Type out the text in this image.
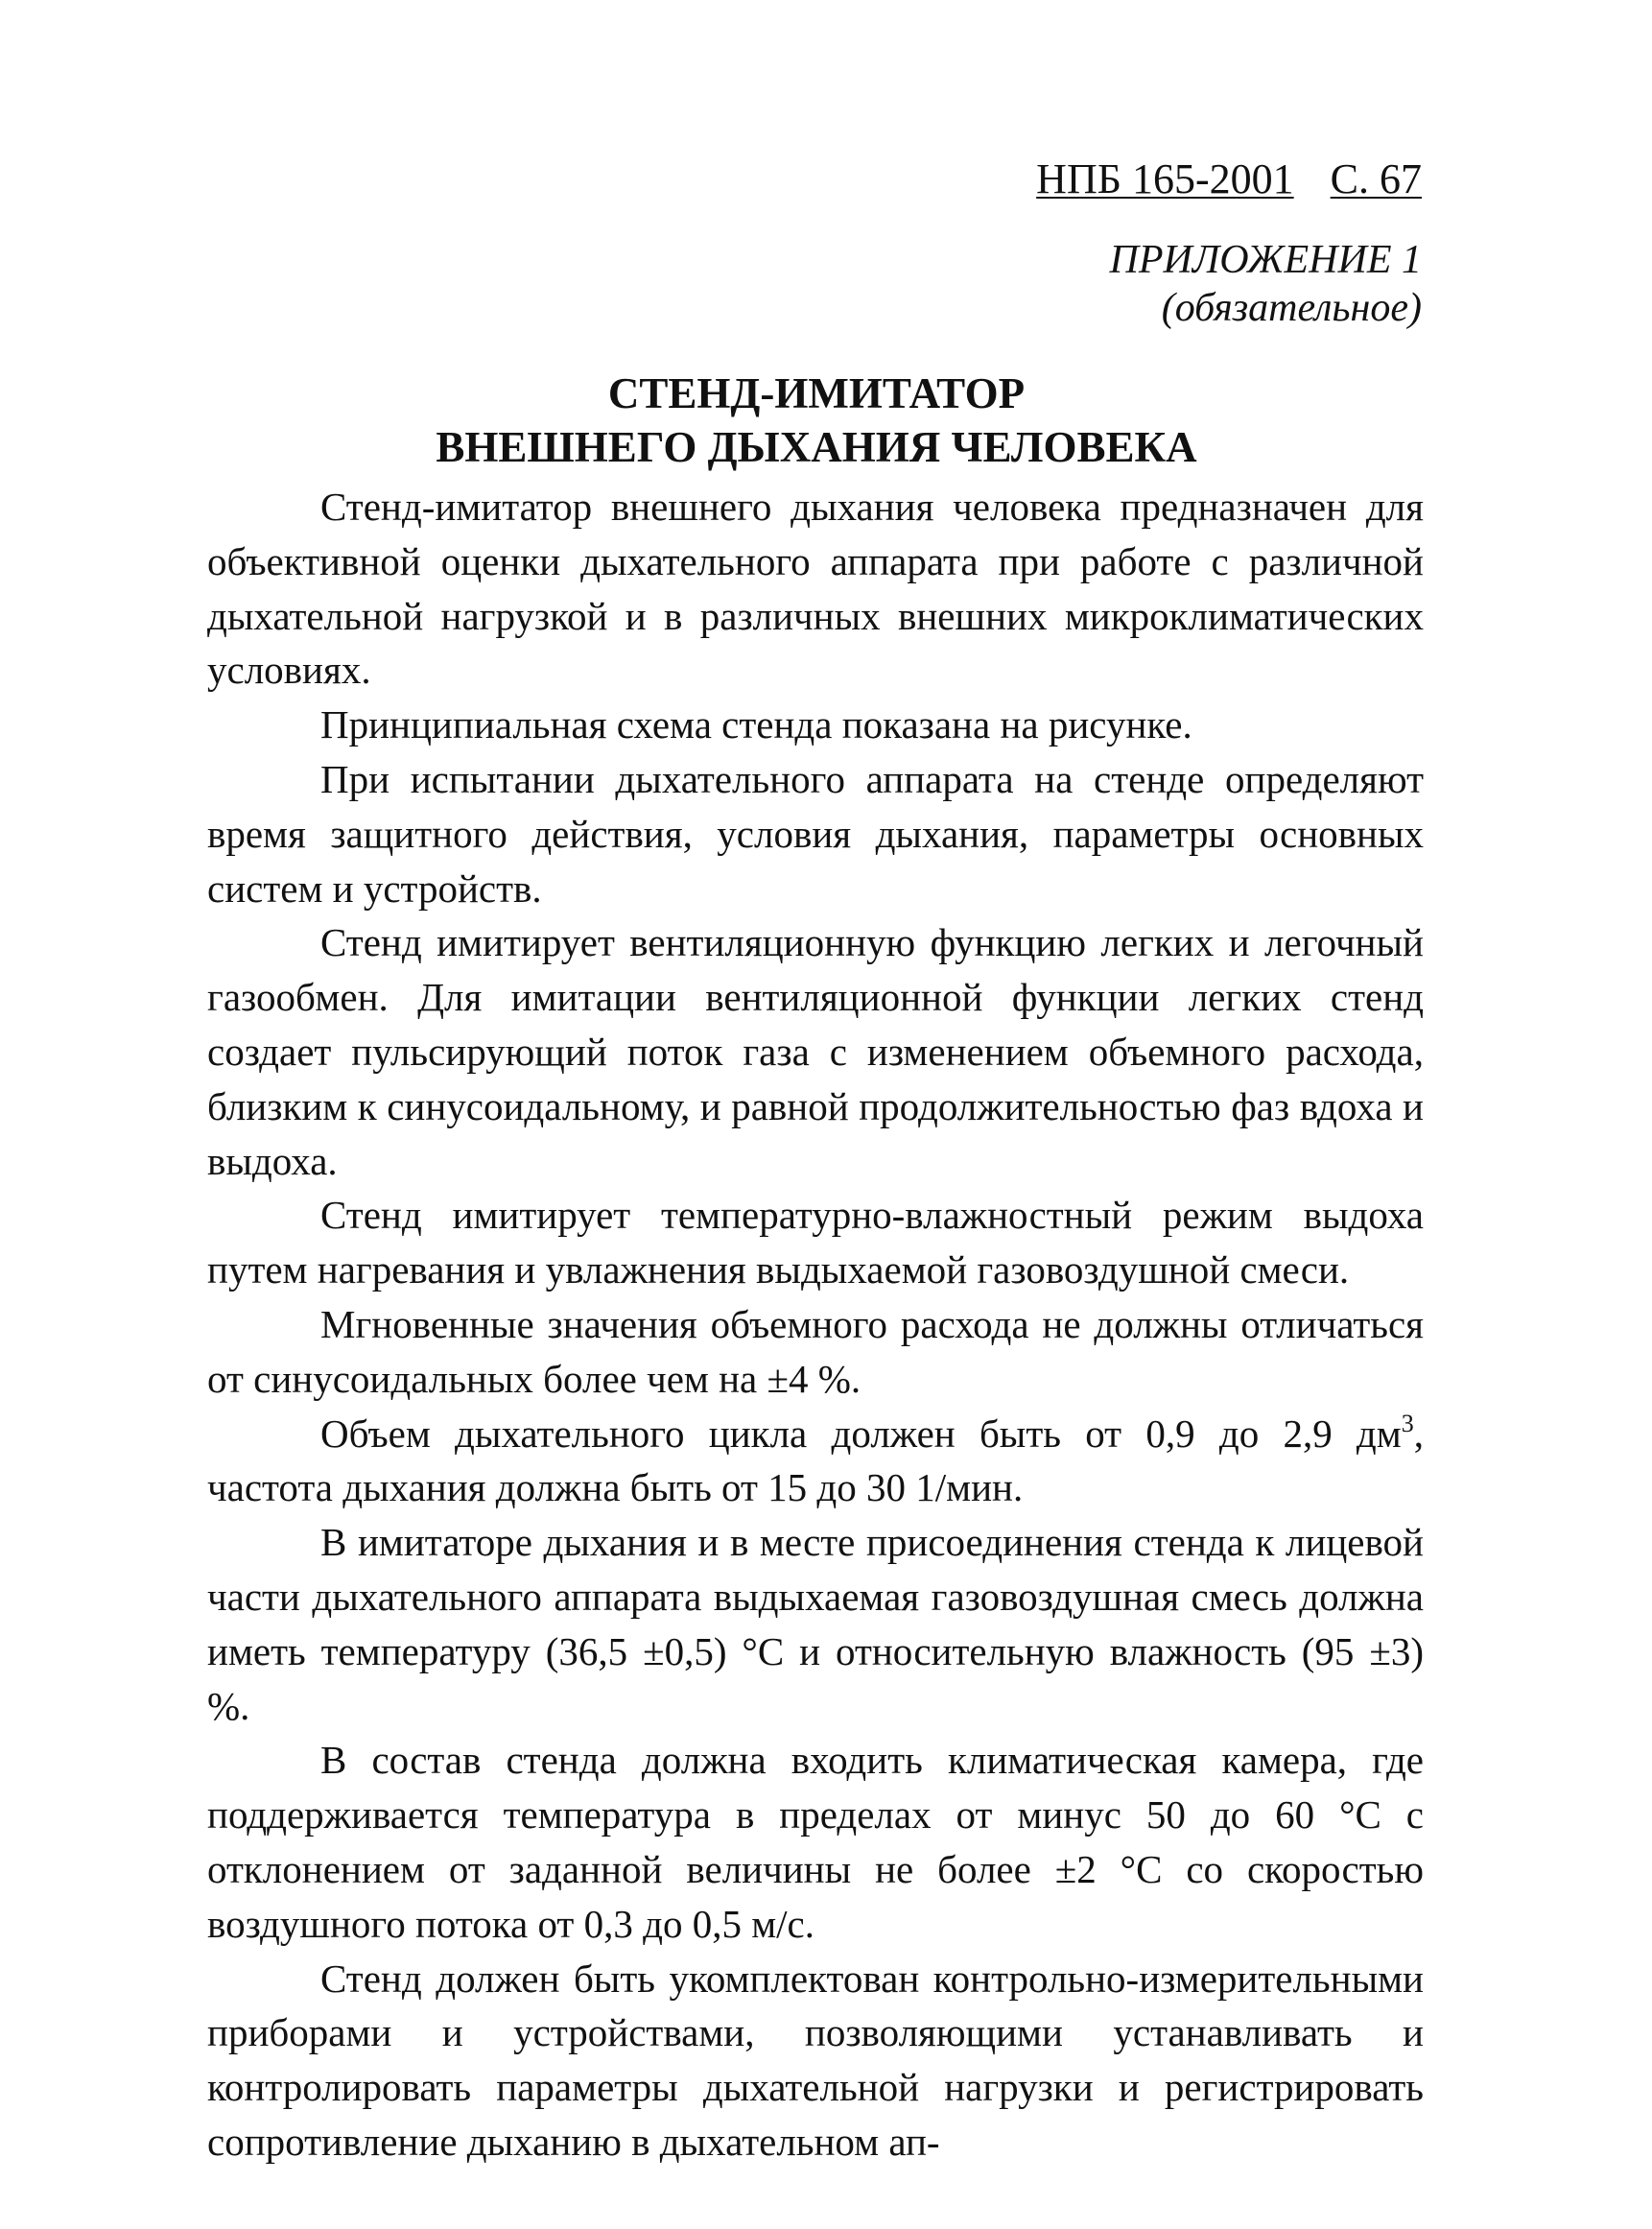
НПБ 165-2001 С. 67
ПРИЛОЖЕНИЕ 1
(обязательное)
СТЕНД-ИМИТАТОР
ВНЕШНЕГО ДЫХАНИЯ ЧЕЛОВЕКА

Стенд-имитатор внешнего дыхания человека предназначен для объективной оценки дыхательного аппарата при работе с различной дыхательной нагрузкой и в различных внешних микроклиматических условиях.

Принципиальная схема стенда показана на рисунке.

При испытании дыхательного аппарата на стенде определяют время защитного действия, условия дыхания, параметры основных систем и устройств.

Стенд имитирует вентиляционную функцию легких и легочный газообмен. Для имитации вентиляционной функции легких стенд создает пульсирующий поток газа с изменением объемного расхода, близким к синусоидальному, и равной продолжительностью фаз вдоха и выдоха.

Стенд имитирует температурно-влажностный режим выдоха путем нагревания и увлажнения выдыхаемой газовоздушной смеси.

Мгновенные значения объемного расхода не должны отличаться от синусоидальных более чем на ±4 %.

Объем дыхательного цикла должен быть от 0,9 до 2,9 $дм^3$, частота дыхания должна быть от 15 до 30 1/мин.

В имитаторе дыхания и в месте присоединения стенда к лицевой части дыхательного аппарата выдыхаемая газовоздушная смесь должна иметь температуру (36,5 ±0,5) °С и относительную влажность (95 ±3) %.

В состав стенда должна входить климатическая камера, где поддерживается температура в пределах от минус 50 до 60 °С с отклонением от заданной величины не более ±2 °С со скоростью воздушного потока от 0,3 до 0,5 м/с.

Стенд должен быть укомплектован контрольно-измерительными приборами и устройствами, позволяющими устанавливать и контролировать параметры дыхательной нагрузки и регистрировать сопротивление дыханию в дыхательном ап-
